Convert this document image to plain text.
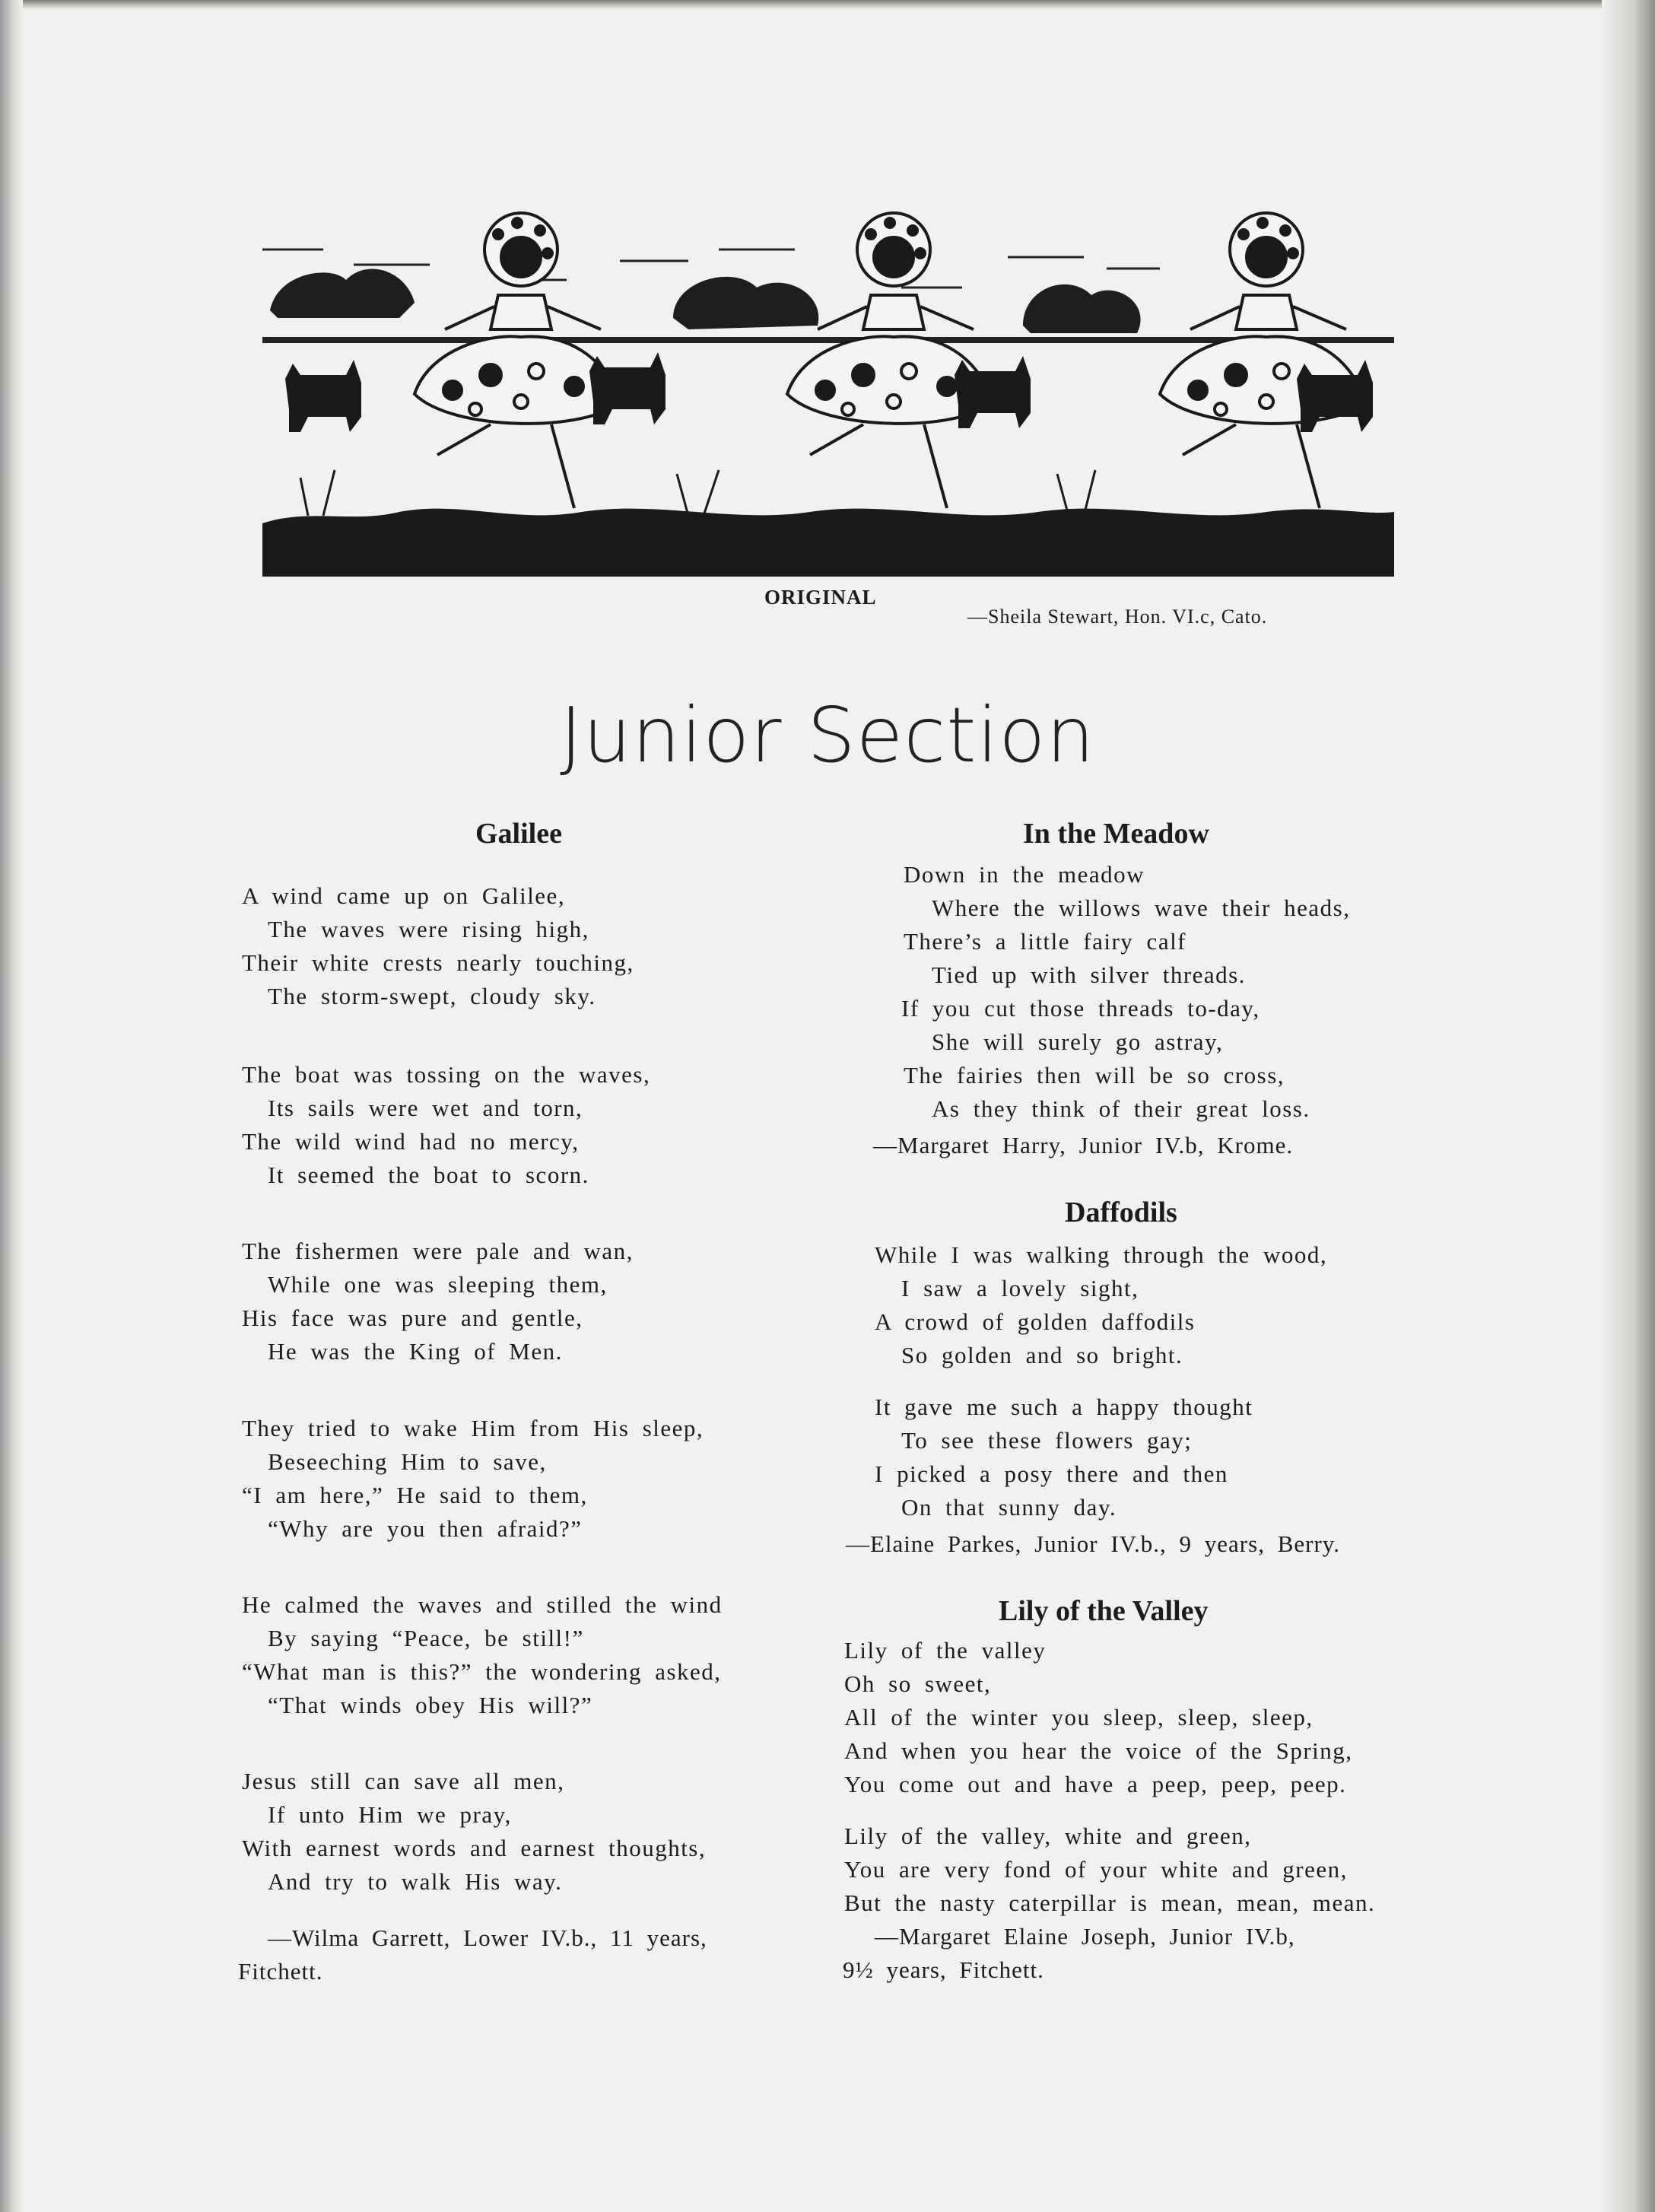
ORIGINAL
—Sheila Stewart, Hon. VI.c, Cato.
Junior Section
Galilee
A wind came up on Galilee,
The waves were rising high,
Their white crests nearly touching,
The storm-swept, cloudy sky.
The boat was tossing on the waves,
Its sails were wet and torn,
The wild wind had no mercy,
It seemed the boat to scorn.
The fishermen were pale and wan,
While one was sleeping them,
His face was pure and gentle,
He was the King of Men.
They tried to wake Him from His sleep,
Beseeching Him to save,
“I am here,” He said to them,
“Why are you then afraid?”
He calmed the waves and stilled the wind
By saying “Peace, be still!”
“What man is this?” the wondering asked,
“That winds obey His will?”
Jesus still can save all men,
If unto Him we pray,
With earnest words and earnest thoughts,
And try to walk His way.
—Wilma Garrett, Lower IV.b., 11 years,
Fitchett.
In the Meadow
Down in the meadow
Where the willows wave their heads,
There’s a little fairy calf
Tied up with silver threads.
If you cut those threads to-day,
She will surely go astray,
The fairies then will be so cross,
As they think of their great loss.
—Margaret Harry, Junior IV.b, Krome.
Daffodils
While I was walking through the wood,
I saw a lovely sight,
A crowd of golden daffodils
So golden and so bright.
It gave me such a happy thought
To see these flowers gay;
I picked a posy there and then
On that sunny day.
—Elaine Parkes, Junior IV.b., 9 years, Berry.
Lily of the Valley
Lily of the valley
Oh so sweet,
All of the winter you sleep, sleep, sleep,
And when you hear the voice of the Spring,
You come out and have a peep, peep, peep.
Lily of the valley, white and green,
You are very fond of your white and green,
But the nasty caterpillar is mean, mean, mean.
—Margaret Elaine Joseph, Junior IV.b,
9½ years, Fitchett.
